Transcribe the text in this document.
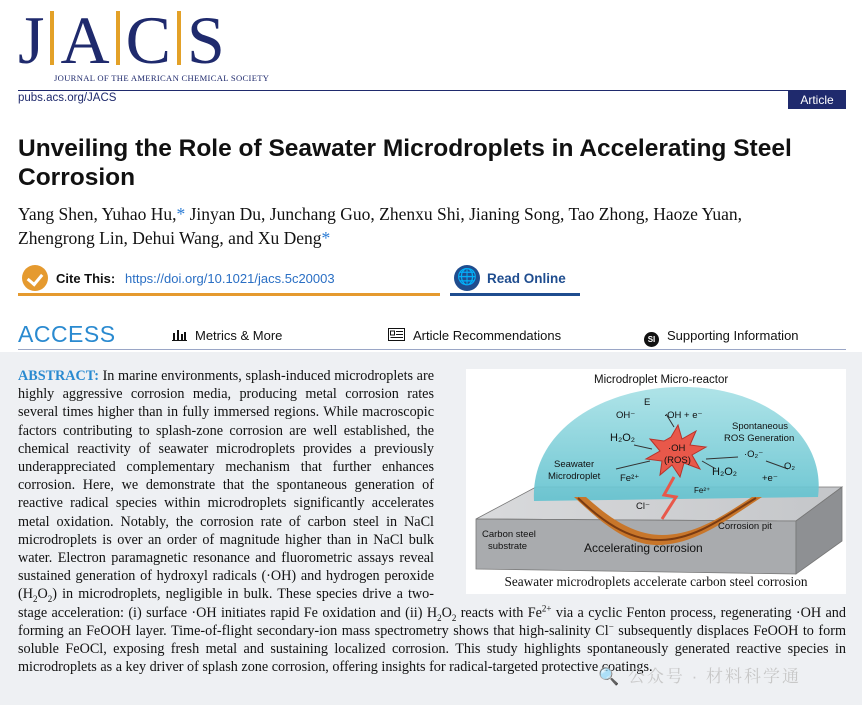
J A C S
JOURNAL OF THE AMERICAN CHEMICAL SOCIETY
pubs.acs.org/JACS	Article
Unveiling the Role of Seawater Microdroplets in Accelerating Steel Corrosion
Yang Shen, Yuhao Hu,* Jinyan Du, Junchang Guo, Zhenxu Shi, Jianing Song, Tao Zhong, Haoze Yuan,
Zhengrong Lin, Dehui Wang, and Xu Deng*
Cite This: https://doi.org/10.1021/jacs.5c20003	🌐 Read Online
ACCESS	Metrics & More	Article Recommendations	SI Supporting Information
ABSTRACT: In marine environments, splash-induced microdroplets are highly aggressive corrosion media, producing metal corrosion rates several times higher than in fully immersed regions. While macroscopic factors contributing to splash-zone corrosion are well established, the chemical reactivity of seawater microdroplets provides a previously underappreciated complementary mechanism that further enhances corrosion. Here, we demonstrate that the spontaneous generation of reactive radical species within microdroplets significantly accelerates metal oxidation. Notably, the corrosion rate of carbon steel in NaCl microdroplets is over an order of magnitude higher than in NaCl bulk water. Electron paramagnetic resonance and fluorometric assays reveal sustained generation of hydroxyl radicals (·OH) and hydrogen peroxide $(H_2O_2)$ in microdroplets, negligible in bulk. These species drive a two-stage acceleration: (i) surface ·OH initiates rapid Fe oxidation and (ii) $H_2O_2$ reacts with $Fe^{2+}$ via a cyclic Fenton process, regenerating ·OH and forming an FeOOH layer. Time-of-flight secondary-ion mass spectrometry shows that high-salinity Cl− subsequently displaces FeOOH to form soluble FeOCl, exposing fresh metal and sustaining localized corrosion. This study highlights spontaneously generated reactive species in microdroplets as a key driver of splash zone corrosion, offering insights for radical-targeted protective coatings.
Microdroplet Micro-reactor
E
OH⁻	·OH + e⁻
Spontaneous
ROS Generation
H₂O₂
·OH
(ROS)
H₂O₂
·O₂⁻
O₂
+e⁻
Seawater
Microdroplet Fe²⁺
Fe²⁺
Cl⁻
Carbon steel
substrate
Corrosion pit
Accelerating corrosion
Seawater microdroplets accelerate carbon steel corrosion
🔍 公众号 · 材料科学通
